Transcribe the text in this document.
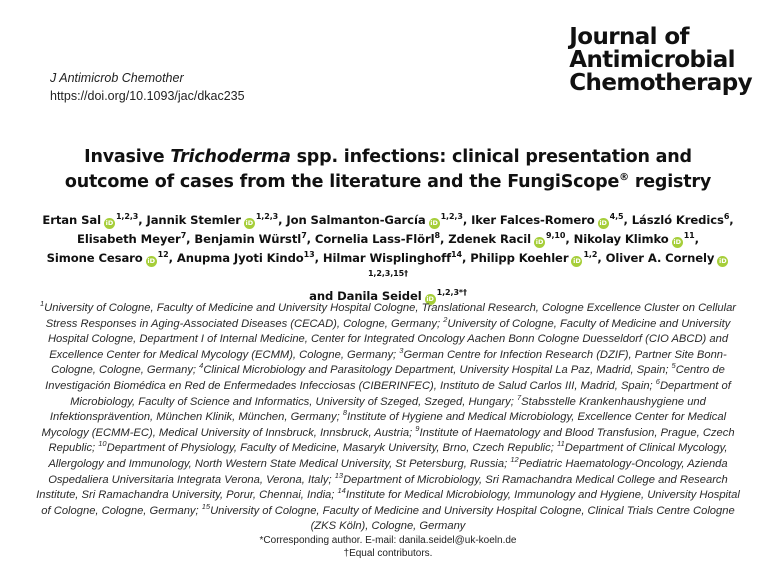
J Antimicrob Chemother
https://doi.org/10.1093/jac/dkac235
Journal of
Antimicrobial
Chemotherapy
Invasive Trichoderma spp. infections: clinical presentation and outcome of cases from the literature and the FungiScope® registry
Ertan Sal iD$^{1,2,3}$, Jannik Stemler iD$^{1,2,3}$, Jon Salmanton-García iD$^{1,2,3}$, Iker Falces-Romero iD$^{4,5}$, László Kredics$^6$,
Elisabeth Meyer$^7$, Benjamin Würstl$^7$, Cornelia Lass-Flörl$^8$, Zdenek Racil iD$^{9,10}$, Nikolay Klimko $iD^{11}$,
Simone Cesaro $iD^{12}$, Anupma Jyoti Kindo$^{13}$, Hilmar Wisplinghoff$^{14}$, Philipp Koehler iD$^{1,2}$, Oliver A. Cornely $iD^{1,2,3,15\dagger}$
and Danila Seidel $iD^{1,2,3*\dagger}$
$^1$University of Cologne, Faculty of Medicine and University Hospital Cologne, Translational Research, Cologne Excellence Cluster on Cellular Stress Responses in Aging-Associated Diseases (CECAD), Cologne, Germany; $^2$University of Cologne, Faculty of Medicine and University Hospital Cologne, Department I of Internal Medicine, Center for Integrated Oncology Aachen Bonn Cologne Duesseldorf (CIO ABCD) and Excellence Center for Medical Mycology (ECMM), Cologne, Germany; $^3$German Centre for Infection Research (DZIF), Partner Site Bonn-Cologne, Cologne, Germany; $^4$Clinical Microbiology and Parasitology Department, University Hospital La Paz, Madrid, Spain; $^5$Centro de Investigación Biomédica en Red de Enfermedades Infecciosas (CIBERINFEC), Instituto de Salud Carlos III, Madrid, Spain; $^6$Department of Microbiology, Faculty of Science and Informatics, University of Szeged, Szeged, Hungary; $^7$Stabsstelle Krankenhaushygiene und Infektionsprävention, München Klinik, München, Germany; $^8$Institute of Hygiene and Medical Microbiology, Excellence Center for Medical Mycology (ECMM-EC), Medical University of Innsbruck, Innsbruck, Austria; $^9$Institute of Haematology and Blood Transfusion, Prague, Czech Republic; $^{10}$Department of Physiology, Faculty of Medicine, Masaryk University, Brno, Czech Republic; $^{11}$Department of Clinical Mycology, Allergology and Immunology, North Western State Medical University, St Petersburg, Russia; $^{12}$Pediatric Haematology-Oncology, Azienda Ospedaliera Universitaria Integrata Verona, Verona, Italy; $^{13}$Department of Microbiology, Sri Ramachandra Medical College and Research Institute, Sri Ramachandra University, Porur, Chennai, India; $^{14}$Institute for Medical Microbiology, Immunology and Hygiene, University Hospital of Cologne, Cologne, Germany; $^{15}$University of Cologne, Faculty of Medicine and University Hospital Cologne, Clinical Trials Centre Cologne (ZKS Köln), Cologne, Germany
*Corresponding author. E-mail: danila.seidel@uk-koeln.de
†Equal contributors.
